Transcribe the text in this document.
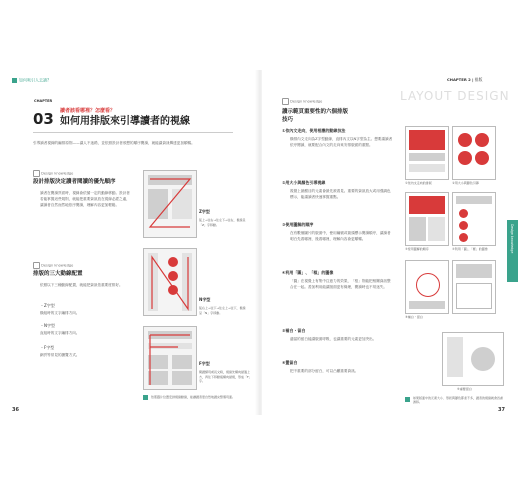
如何吸引人去讀?
CHAPTER
03 讀者該看哪裡？怎麼看？
如何用排版來引導讀者的視線
引導讀者視線的編排原則——讓人不迷路，並依照設計者預想的順序閱讀，就能讓資訊傳達更加順暢。
Design knowledge
設計排版決定讀者閱讀的優先順序
讀者在閱讀頁面時，視線會依循一定的動線移動。設計者若能掌握這些規則，就能把重要資訊放在視線必經之處，讓讀者自然而然地依序閱讀，理解內容更加輕鬆。
Z字型
從上→往右→往左下→往右，視線呈「Z」字移動。
N字型
從右上→往下→往左上→往下，視線呈「N」字移動。
F字型
閱讀網頁或長文時，視線先橫向掃過上方，再往下移動後橫向掃視，形成「F」字。
Design knowledge
排版的三大動線配置
依照以下三種動線配置，就能把資訊依重要度排好。
・Z字型
橫組時的文字編排方向。
・N字型
直組時的文字編排方向。
・F字型
網頁等常見的瀏覽方式。
依照圖片位置安排視線動線，能讓讀者更自然地讀完整個頁面。
36
CHAPTER 2 | 排版
LAYOUT DESIGN
Design knowledge
讀示範頁重要性的六個排版技巧
①依內文走向，使用相應的動線技法
橫排內文走向為Z字型動線，直排內文以N字型為主。想要讓讀者依序閱讀，就要配合內文的走向來安排版面的重點。
②用大小與顏色引導視線
視覺上最醒目的元素會最先被看見。重要的資訊放大或用強調色標示，能讓讀者快速掌握重點。
③使用圖解的順序
在有數個圖片的版面中，使用編號或箭頭標示閱讀順序，讓讀者明白先看哪裡、後看哪裡，理解內容會更順暢。
④利用「圓」、「框」的圖像
「圓」在視覺上有集中注意力的效果，「框」則能把相關資訊整合在一起。善加利用能讓版面更有條理，閱讀時也不易迷失。
⑤補白・留白
適當的留白能讓版面呼吸，也讓重要的元素更加突出。
⑥置留白
把不重要的部分留白，可以凸顯重要資訊。
①依內文走向的排版	②用大小與顏色引導
③使用圖解的順序	④利用「圓」、「框」的圖像
⑤補白・留白
⑥重要留白
Design knowledge
如果版面中的元素大小、形狀與顏色都差不多，讀者的視線就會四處游移。
37
